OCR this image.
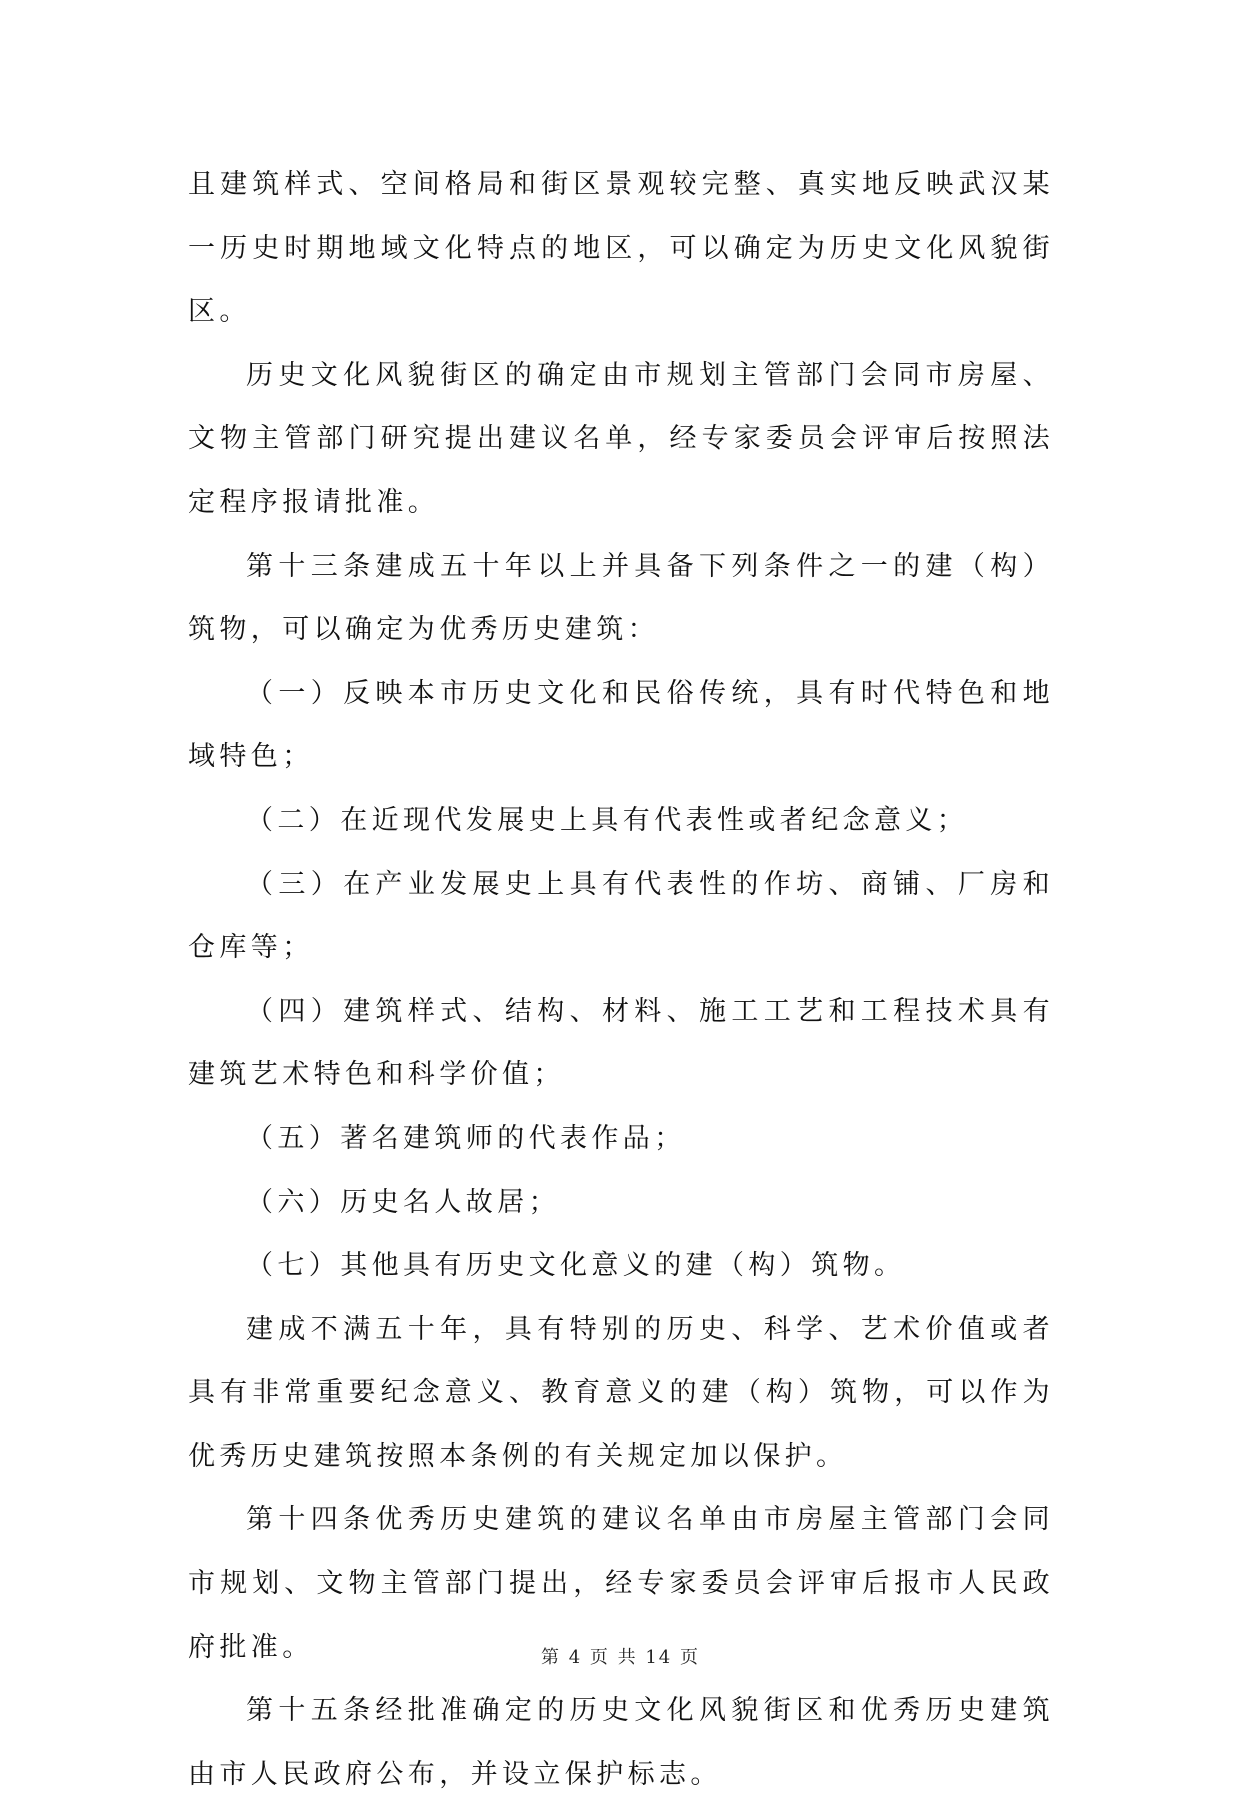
且建筑样式、空间格局和街区景观较完整、真实地反映武汉某一历史时期地域文化特点的地区，可以确定为历史文化风貌街区。

历史文化风貌街区的确定由市规划主管部门会同市房屋、文物主管部门研究提出建议名单，经专家委员会评审后按照法定程序报请批准。

第十三条建成五十年以上并具备下列条件之一的建（构）筑物，可以确定为优秀历史建筑：

（一）反映本市历史文化和民俗传统，具有时代特色和地域特色；

（二）在近现代发展史上具有代表性或者纪念意义；

（三）在产业发展史上具有代表性的作坊、商铺、厂房和仓库等；

（四）建筑样式、结构、材料、施工工艺和工程技术具有建筑艺术特色和科学价值；

（五）著名建筑师的代表作品；

（六）历史名人故居；

（七）其他具有历史文化意义的建（构）筑物。

建成不满五十年，具有特别的历史、科学、艺术价值或者具有非常重要纪念意义、教育意义的建（构）筑物，可以作为优秀历史建筑按照本条例的有关规定加以保护。

第十四条优秀历史建筑的建议名单由市房屋主管部门会同市规划、文物主管部门提出，经专家委员会评审后报市人民政府批准。

第十五条经批准确定的历史文化风貌街区和优秀历史建筑由市人民政府公布，并设立保护标志。

第 4 页 共 14 页
